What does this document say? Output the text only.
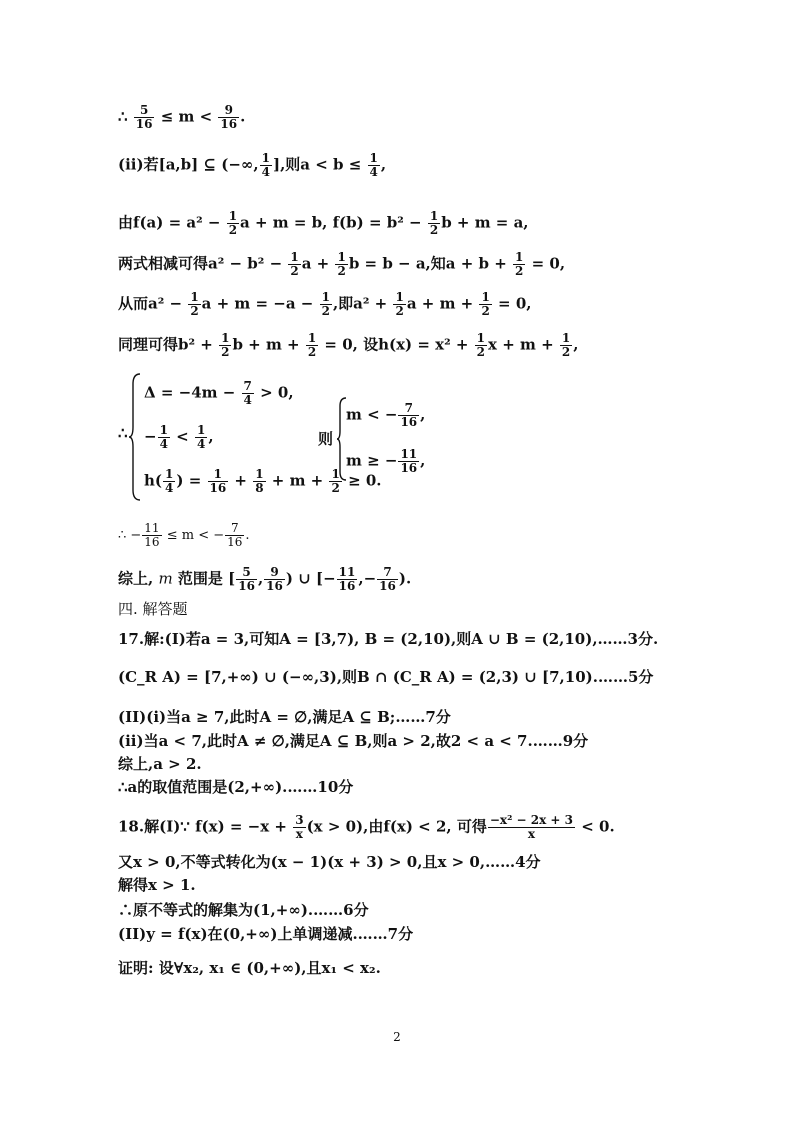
∴ $\frac{5}{16} \le m < \frac{9}{16}$ .
(ii)若[a,b] ⊆ (−∞, $\frac{1}{4}$ ],则$a < b \le \frac{1}{4}$ ,
由$f(a) = a^2 - \frac{1}{2}$ a + m = b, $f(b) = b^2 - \frac{1}{2}$ b + m = a,
两式相减可得$a^2 - b^2 - \frac{1}{2}$ $a + \frac{1}{2}$ b = b − a,知$a + b + \frac{1}{2} = 0$,
从而$a^2 - \frac{1}{2}$ $a + m = -a - \frac{1}{2}$ ,即$a^2 + \frac{1}{2}$ $a + m + \frac{1}{2} = 0$,
同理可得$b^2 + \frac{1}{2}$ $b + m + \frac{1}{2} = 0$, 设$h(x) = x^2 + \frac{1}{2}$ $x + m + \frac{1}{2}$ ,
∴
$\Delta = -4m - \frac{7}{4} > 0$,
− $\frac{1}{4} < \frac{1}{4}$ ,
$h( \frac{1}{4}$ ) = $\frac{1}{16} + \frac{1}{8} + m + \frac{1}{2} \ge 0$.
则
m < − $\frac{7}{16}$ ,
m ≥ − $\frac{11}{16}$ ,
∴ − $\frac{11}{16} \le m$ < − $\frac{7}{16}$ .
综上, m 范围是 [ $\frac{5}{16}$ , $\frac{9}{16}$ ) ∪ [− $\frac{11}{16}$ ,− $\frac{7}{16}$ ).
四. 解答题
17.解:(I)若a = 3,可知A = [3,7), B = (2,10),则A ∪ B = (2,10),……3分.
(C_R A) = [7,+∞) ∪ (−∞,3),则B ∩ (C_R A) = (2,3) ∪ [7,10).……5分
(II)(i)当a ≥ 7,此时A = ∅,满足A ⊆ B;……7分
(ii)当a < 7,此时A ≠ ∅,满足A ⊆ B,则a > 2,故2 < a < 7.……9分
综上,a > 2.
∴a的取值范围是(2,+∞).……10分
18.解(I)∵ $f(x) = -x + \frac{3}{x} (x > 0)$,由f(x) < 2, 可得 $\frac{\text{−x² − 2x + 3}}{x} < 0$.
又x > 0,不等式转化为(x − 1)(x + 3) > 0,且x > 0,……4分
解得x > 1.
∴原不等式的解集为(1,+∞).……6分
(II)y = f(x)在(0,+∞)上单调递减.……7分
证明: 设∀x₂, x₁ ∈ (0,+∞),且x₁ < x₂.
2
